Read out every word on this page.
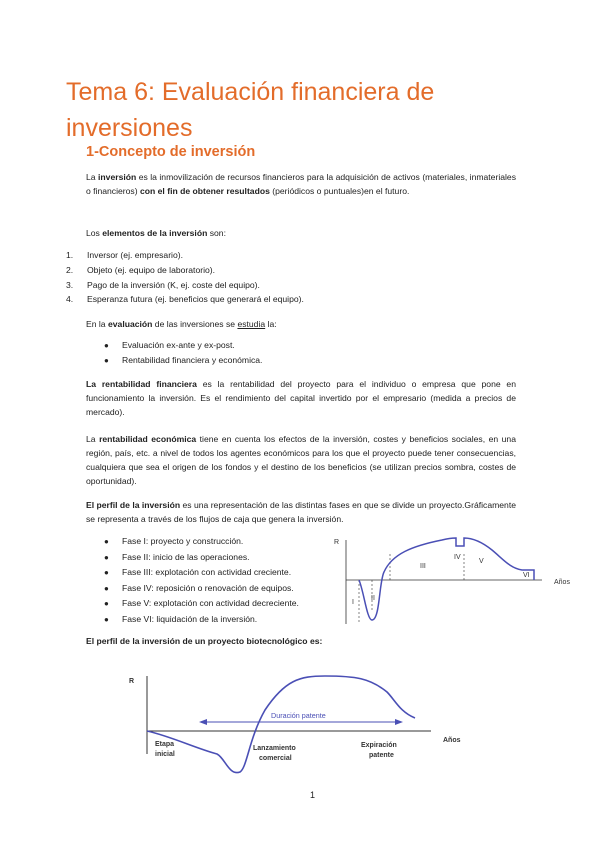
Tema 6: Evaluación financiera de
inversiones
1-Concepto de inversión
La inversión es la inmovilización de recursos financieros para la adquisición de activos (materiales, inmateriales o financieros) con el fin de obtener resultados (periódicos o puntuales)en el futuro.
Los elementos de la inversión son:
1.	Inversor (ej. empresario).
2.	Objeto (ej. equipo de laboratorio).
3.	Pago de la inversión (K, ej. coste del equipo).
4.	Esperanza futura (ej. beneficios que generará el equipo).
En la evaluación de las inversiones se estudia la:
●	Evaluación ex-ante y ex-post.
●	Rentabilidad financiera y económica.
La rentabilidad financiera es la rentabilidad del proyecto para el individuo o empresa que pone en funcionamiento la inversión. Es el rendimiento del capital invertido por el empresario (medida a precios de mercado).
La rentabilidad económica tiene en cuenta los efectos de la inversión, costes y beneficios sociales, en una región, país, etc. a nivel de todos los agentes económicos para los que el proyecto puede tener consecuencias, cualquiera que sea el origen de los fondos y el destino de los beneficios (se utilizan precios sombra, costes de oportunidad).
El perfil de la inversión es una representación de las distintas fases en que se divide un proyecto.Gráficamente se representa a través de los flujos de caja que genera la inversión.
●	Fase I: proyecto y construcción.
●	Fase II: inicio de las operaciones.
●	Fase III: explotación con actividad creciente.
●	Fase IV: reposición o renovación de equipos.
●	Fase V: explotación con actividad decreciente.
●	Fase VI: liquidación de la inversión.
R
Años
I
II
III
IV
V
VI
El perfil de la inversión de un proyecto biotecnológico es:
R
Años
Duración patente
Etapa
inicial
Lanzamiento
comercial
Expiración
patente
1
